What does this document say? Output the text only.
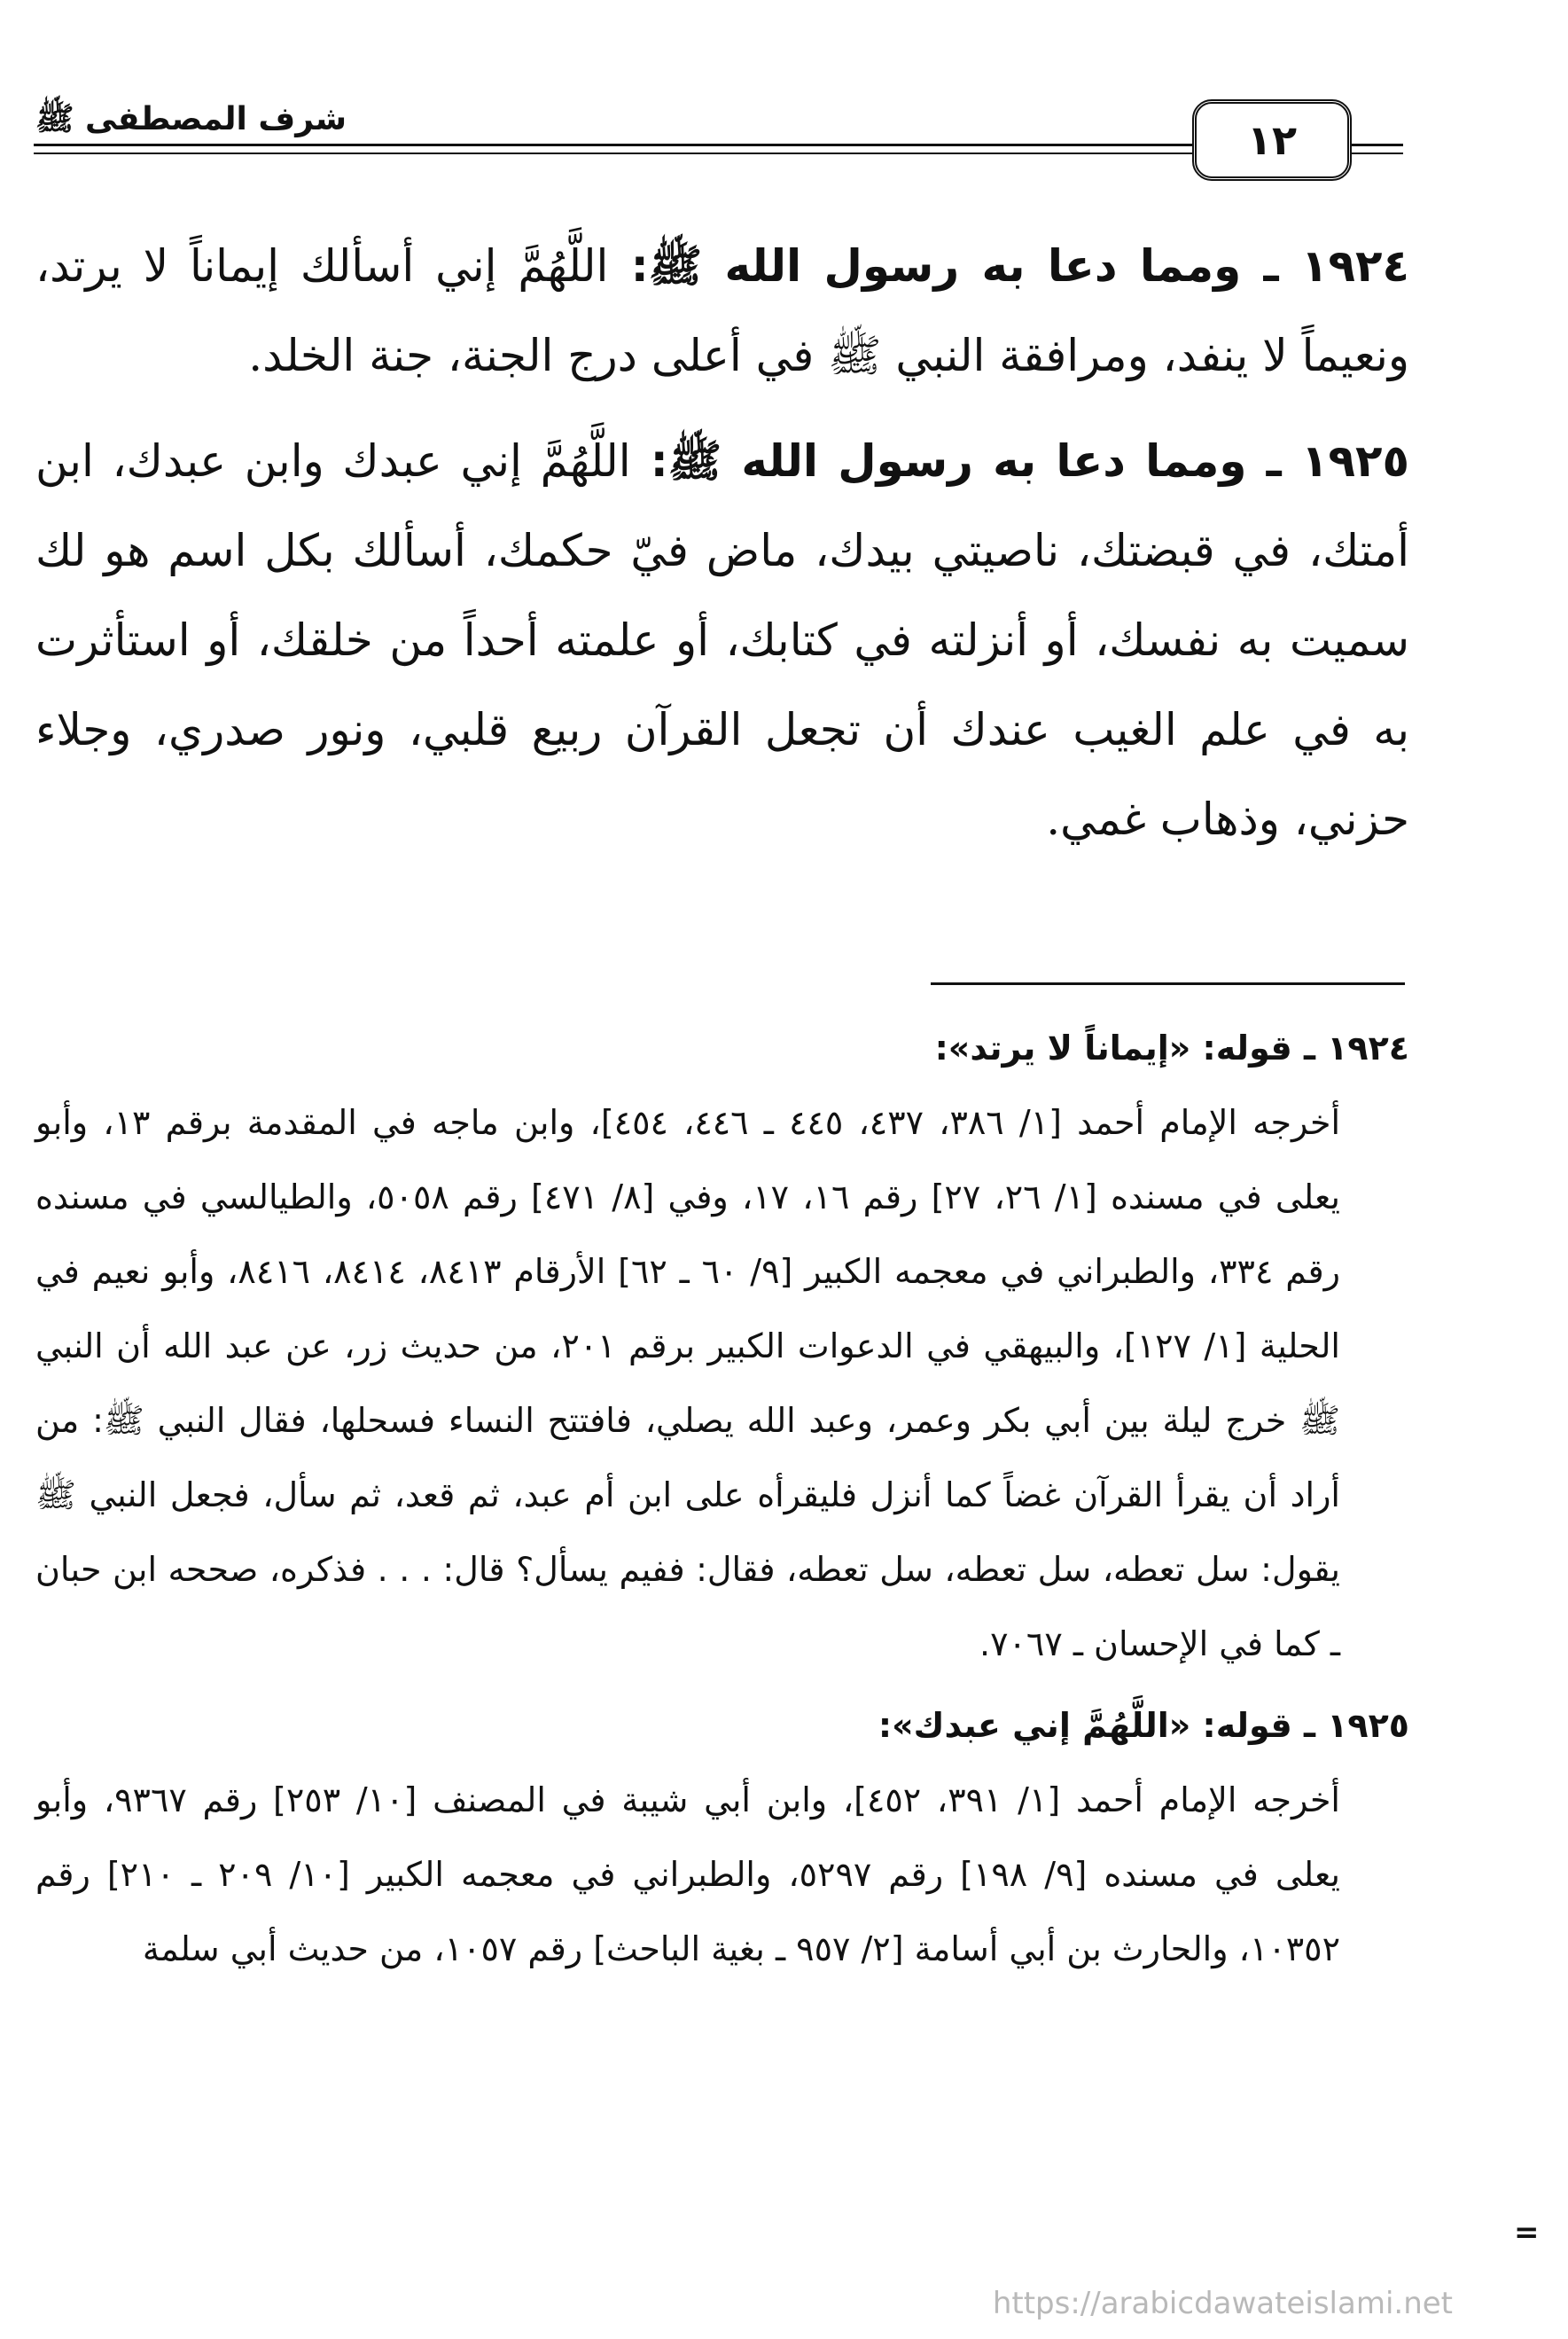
شرف المصطفى ﷺ	١٢

١٩٢٤ ـ ومما دعا به رسول الله ﷺ: اللَّهُمَّ إني أسألك إيماناً لا يرتد، ونعيماً لا ينفد، ومرافقة النبي ﷺ في أعلى درج الجنة، جنة الخلد.

١٩٢٥ ـ ومما دعا به رسول الله ﷺ: اللَّهُمَّ إني عبدك وابن عبدك، ابن أمتك، في قبضتك، ناصيتي بيدك، ماض فيّ حكمك، أسألك بكل اسم هو لك سميت به نفسك، أو أنزلته في كتابك، أو علمته أحداً من خلقك، أو استأثرت به في علم الغيب عندك أن تجعل القرآن ربيع قلبي، ونور صدري، وجلاء حزني، وذهاب غمي.

١٩٢٤ ـ قوله: «إيماناً لا يرتد»:

أخرجه الإمام أحمد [١/ ٣٨٦، ٤٣٧، ٤٤٥ ـ ٤٤٦، ٤٥٤]، وابن ماجه في المقدمة برقم ١٣، وأبو يعلى في مسنده [١/ ٢٦، ٢٧] رقم ١٦، ١٧، وفي [٨/ ٤٧١] رقم ٥٠٥٨، والطيالسي في مسنده رقم ٣٣٤، والطبراني في معجمه الكبير [٩/ ٦٠ ـ ٦٢] الأرقام ٨٤١٣، ٨٤١٤، ٨٤١٦، وأبو نعيم في الحلية [١/ ١٢٧]، والبيهقي في الدعوات الكبير برقم ٢٠١، من حديث زر، عن عبد الله أن النبي ﷺ خرج ليلة بين أبي بكر وعمر، وعبد الله يصلي، فافتتح النساء فسحلها، فقال النبي ﷺ: من أراد أن يقرأ القرآن غضاً كما أنزل فليقرأه على ابن أم عبد، ثم قعد، ثم سأل، فجعل النبي ﷺ يقول: سل تعطه، سل تعطه، سل تعطه، فقال: ففيم يسأل؟ قال: . . . فذكره، صححه ابن حبان ـ كما في الإحسان ـ ٧٠٦٧.

١٩٢٥ ـ قوله: «اللَّهُمَّ إني عبدك»:

أخرجه الإمام أحمد [١/ ٣٩١، ٤٥٢]، وابن أبي شيبة في المصنف [١٠/ ٢٥٣] رقم ٩٣٦٧، وأبو يعلى في مسنده [٩/ ١٩٨] رقم ٥٢٩٧، والطبراني في معجمه الكبير [١٠/ ٢٠٩ ـ ٢١٠] رقم ١٠٣٥٢، والحارث بن أبي أسامة [٢/ ٩٥٧ ـ بغية الباحث] رقم ١٠٥٧، من حديث أبي سلمة

=
https://arabicdawateislami.net
